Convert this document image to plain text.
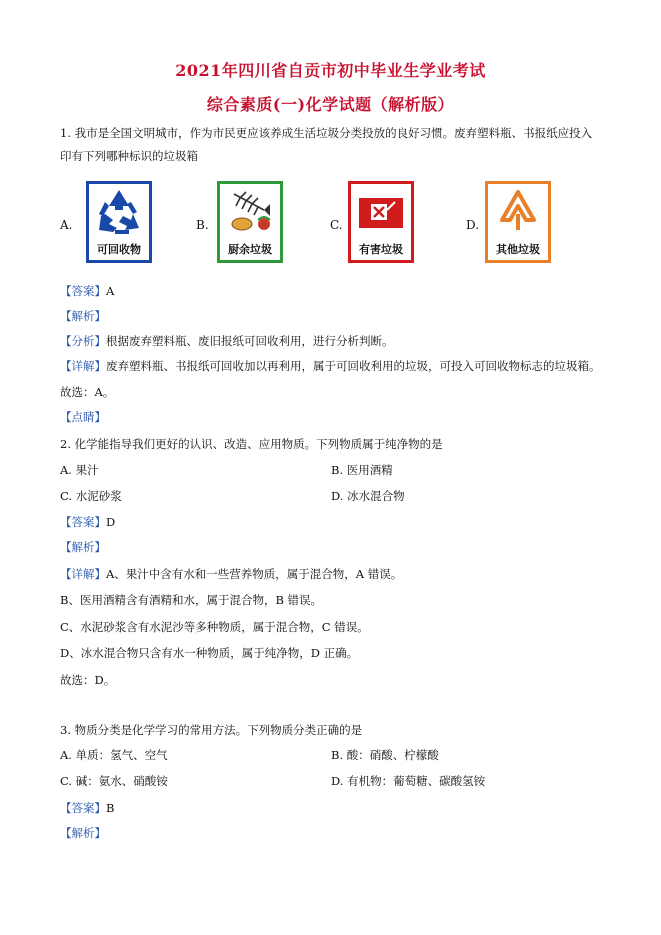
2021年四川省自贡市初中毕业生学业考试
综合素质(一)化学试题（解析版）
1. 我市是全国文明城市，作为市民更应该养成生活垃圾分类投放的良好习惯。废弃塑料瓶、书报纸应投入
印有下列哪种标识的垃圾箱
A.
可回收物
B.
厨余垃圾
C.
有害垃圾
D.
其他垃圾
【答案】A
【解析】
【分析】根据废弃塑料瓶、废旧报纸可回收利用，进行分析判断。
【详解】废弃塑料瓶、书报纸可回收加以再利用，属于可回收利用的垃圾，可投入可回收物标志的垃圾箱。
故选：A。
【点睛】
2. 化学能指导我们更好的认识、改造、应用物质。下列物质属于纯净物的是
A. 果汁	B. 医用酒精
C. 水泥砂浆	D. 冰水混合物
【答案】D
【解析】
【详解】A、果汁中含有水和一些营养物质，属于混合物，A 错误。
B、医用酒精含有酒精和水，属于混合物，B 错误。
C、水泥砂浆含有水泥沙等多种物质，属于混合物，C 错误。
D、冰水混合物只含有水一种物质，属于纯净物，D 正确。
故选：D。
3. 物质分类是化学学习的常用方法。下列物质分类正确的是
A. 单质：氢气、空气	B. 酸：硝酸、柠檬酸
C. 碱：氨水、硝酸铵	D. 有机物：葡萄糖、碳酸氢铵
【答案】B
【解析】
